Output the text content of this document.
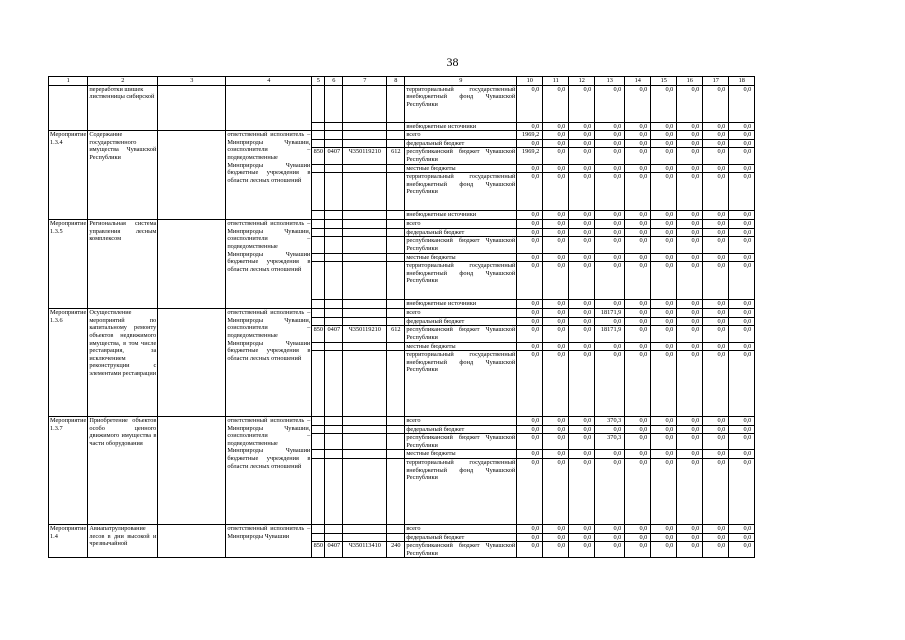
38
1	2	3	4	5	6	7	8	9	10	11	12	13	14	15	16	17	18
	переработки шишек лиственницы сибирской							территориальный государственный внебюджетный фонд Чувашской Республики	0,0	0,0	0,0	0,0	0,0	0,0	0,0	0,0	0,0
								внебюджетные источники	0,0	0,0	0,0	0,0	0,0	0,0	0,0	0,0	0,0
Мероприятие 1.3.4	Содержание государственного имущества Чувашской Республики		ответственный исполнитель – Минприроды Чувашии, соисполнители – подведомственные Минприроды Чувашии бюджетные учреждения в области лесных отношений					всего	1969,2	0,0	0,0	0,0	0,0	0,0	0,0	0,0	0,0
								федеральный бюджет	0,0	0,0	0,0	0,0	0,0	0,0	0,0	0,0	0,0
				850	0407	Ч350119210	612	республиканский бюджет Чувашской Республики	1969,2	0,0	0,0	0,0	0,0	0,0	0,0	0,0	0,0
								местные бюджеты	0,0	0,0	0,0	0,0	0,0	0,0	0,0	0,0	0,0
								территориальный государственный внебюджетный фонд Чувашской Республики	0,0	0,0	0,0	0,0	0,0	0,0	0,0	0,0	0,0
								внебюджетные источники	0,0	0,0	0,0	0,0	0,0	0,0	0,0	0,0	0,0
Мероприятие 1.3.5	Региональная система управления лесным комплексом		ответственный исполнитель – Минприроды Чувашии, соисполнители – подведомственные Минприроды Чувашии бюджетные учреждения в области лесных отношений					всего	0,0	0,0	0,0	0,0	0,0	0,0	0,0	0,0	0,0
								федеральный бюджет	0,0	0,0	0,0	0,0	0,0	0,0	0,0	0,0	0,0
								республиканский бюджет Чувашской Республики	0,0	0,0	0,0	0,0	0,0	0,0	0,0	0,0	0,0
								местные бюджеты	0,0	0,0	0,0	0,0	0,0	0,0	0,0	0,0	0,0
								территориальный государственный внебюджетный фонд Чувашской Республики	0,0	0,0	0,0	0,0	0,0	0,0	0,0	0,0	0,0
								внебюджетные источники	0,0	0,0	0,0	0,0	0,0	0,0	0,0	0,0	0,0
Мероприятие 1.3.6	Осуществление мероприятий по капитальному ремонту объектов недвижимого имущества, в том числе реставрация, за исключением реконструкции с элементами реставрации		ответственный исполнитель – Минприроды Чувашии, соисполнители – подведомственные Минприроды Чувашии бюджетные учреждения в области лесных отношений					всего	0,0	0,0	0,0	18171,9	0,0	0,0	0,0	0,0	0,0
								федеральный бюджет	0,0	0,0	0,0	0,0	0,0	0,0	0,0	0,0	0,0
				850	0407	Ч350119210	612	республиканский бюджет Чувашской Республики	0,0	0,0	0,0	18171,9	0,0	0,0	0,0	0,0	0,0
								местные бюджеты	0,0	0,0	0,0	0,0	0,0	0,0	0,0	0,0	0,0
								территориальный государственный внебюджетный фонд Чувашской Республики	0,0	0,0	0,0	0,0	0,0	0,0	0,0	0,0	0,0
Мероприятие 1.3.7	Приобретение объектов особо ценного движимого имущества в части оборудования		ответственный исполнитель – Минприроды Чувашии, соисполнители – подведомственные Минприроды Чувашии бюджетные учреждения в области лесных отношений					всего	0,0	0,0	0,0	370,3	0,0	0,0	0,0	0,0	0,0
								федеральный бюджет	0,0	0,0	0,0	0,0	0,0	0,0	0,0	0,0	0,0
								республиканский бюджет Чувашской Республики	0,0	0,0	0,0	370,3	0,0	0,0	0,0	0,0	0,0
								местные бюджеты	0,0	0,0	0,0	0,0	0,0	0,0	0,0	0,0	0,0
								территориальный государственный внебюджетный фонд Чувашской Республики	0,0	0,0	0,0	0,0	0,0	0,0	0,0	0,0	0,0
Мероприятие 1.4	Авиапатрулирование лесов в дни высокой и чрезвычайной		ответственный исполнитель – Минприроды Чувашии					всего	0,0	0,0	0,0	0,0	0,0	0,0	0,0	0,0	0,0
								федеральный бюджет	0,0	0,0	0,0	0,0	0,0	0,0	0,0	0,0	0,0
				850	0407	Ч350113410	240	республиканский бюджет Чувашской Республики	0,0	0,0	0,0	0,0	0,0	0,0	0,0	0,0	0,0
